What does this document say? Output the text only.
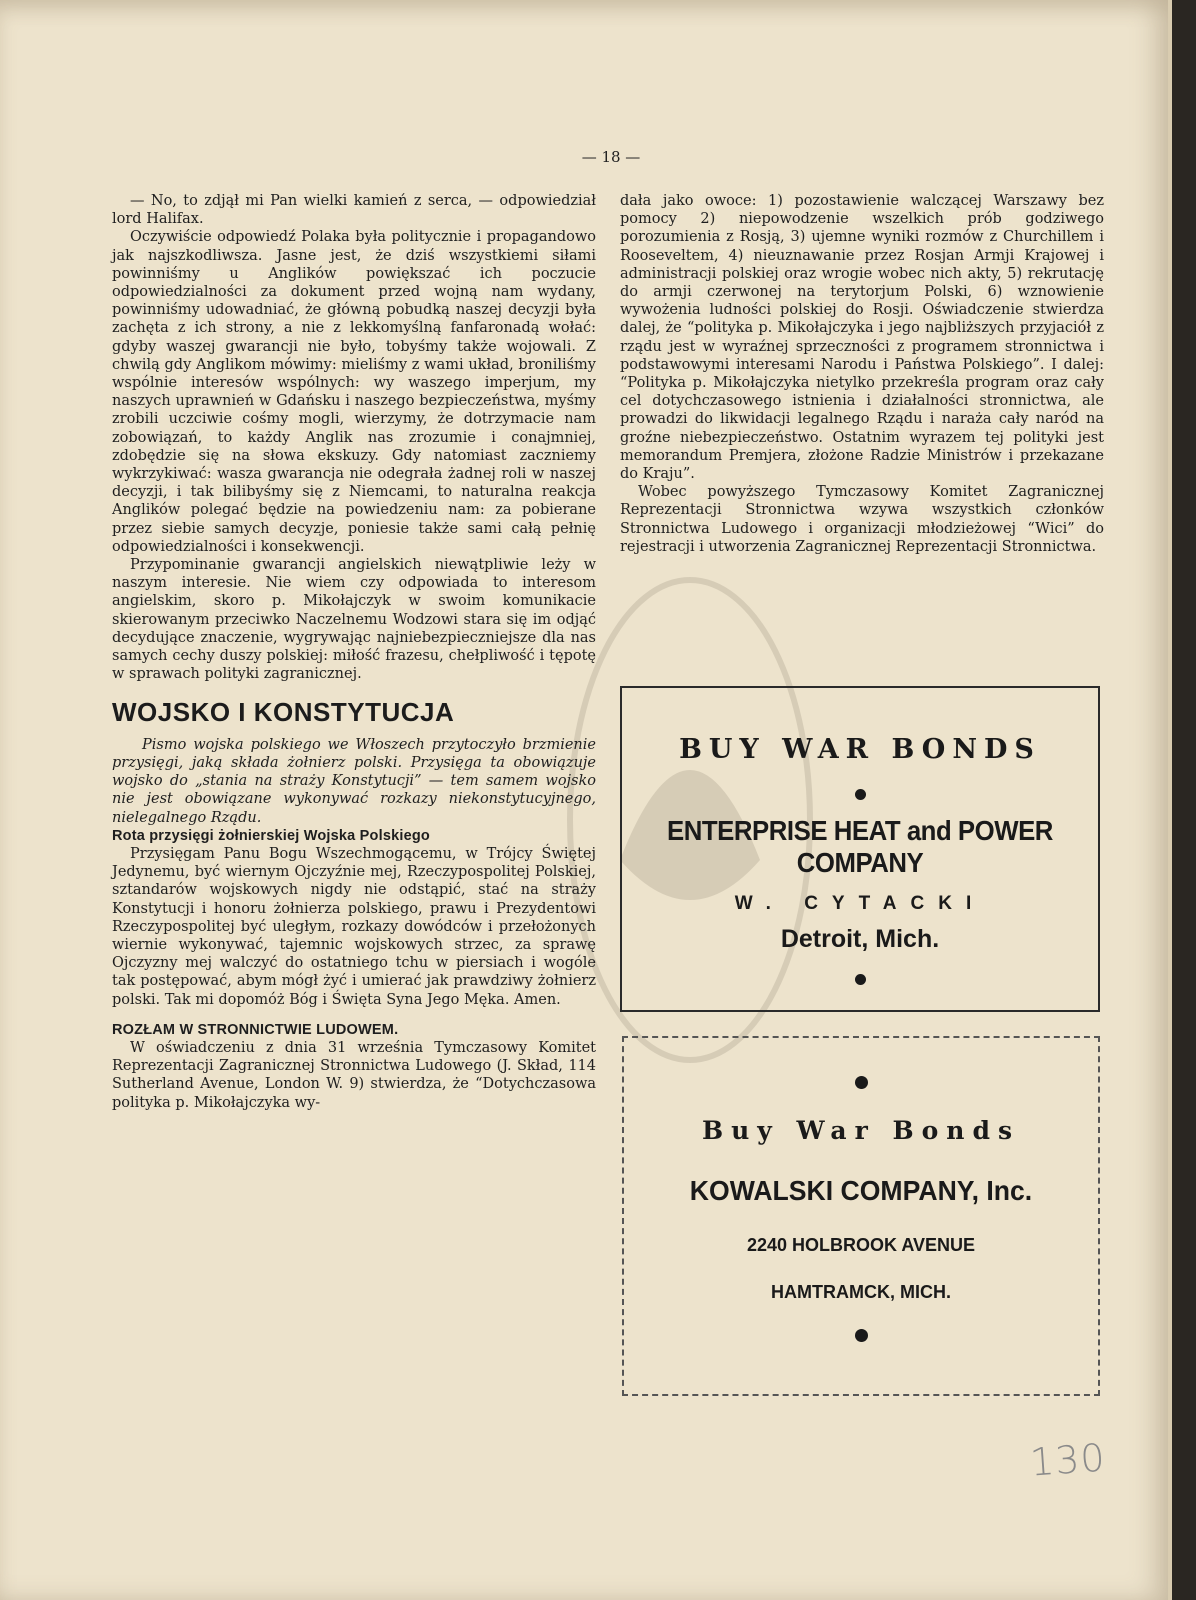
— 18 —

— No, to zdjął mi Pan wielki kamień z serca, — odpowiedział lord Halifax.

Oczywiście odpowiedź Polaka była politycznie i propagandowo jak najszkodliwsza. Jasne jest, że dziś wszystkiemi siłami powinniśmy u Anglików powiększać ich poczucie odpowiedzialności za dokument przed wojną nam wydany, powinniśmy udowadniać, że główną pobudką naszej decyzji była zachęta z ich strony, a nie z lekkomyślną fanfaronadą wołać: gdyby waszej gwarancji nie było, tobyśmy także wojowali. Z chwilą gdy Anglikom mówimy: mieliśmy z wami układ, broniliśmy wspólnie interesów wspólnych: wy waszego imperjum, my naszych uprawnień w Gdańsku i naszego bezpieczeństwa, myśmy zrobili uczciwie cośmy mogli, wierzymy, że dotrzymacie nam zobowiązań, to każdy Anglik nas zrozumie i conajmniej, zdobędzie się na słowa ekskuzy. Gdy natomiast zaczniemy wykrzykiwać: wasza gwarancja nie odegrała żadnej roli w naszej decyzji, i tak bilibyśmy się z Niemcami, to naturalna reakcja Anglików polegać będzie na powiedzeniu nam: za pobierane przez siebie samych decyzje, poniesie także sami całą pełnię odpowiedzialności i konsekwencji.

Przypominanie gwarancji angielskich niewątpliwie leży w naszym interesie. Nie wiem czy odpowiada to interesom angielskim, skoro p. Mikołajczyk w swoim komunikacie skierowanym przeciwko Naczelnemu Wodzowi stara się im odjąć decydujące znaczenie, wygrywając najniebezpieczniejsze dla nas samych cechy duszy polskiej: miłość frazesu, chełpliwość i tępotę w sprawach polityki zagranicznej.

WOJSKO I KONSTYTUCJA

Pismo wojska polskiego we Włoszech przytoczyło brzmienie przysięgi, jaką składa żołnierz polski. Przysięga ta obowiązuje wojsko do „stania na straży Konstytucji” — tem samem wojsko nie jest obowiązane wykonywać rozkazy niekonstytucyjnego, nielegalnego Rządu.

Rota przysięgi żołnierskiej Wojska Polskiego

Przysięgam Panu Bogu Wszechmogącemu, w Trójcy Świętej Jedynemu, być wiernym Ojczyźnie mej, Rzeczypospolitej Polskiej, sztandarów wojskowych nigdy nie odstąpić, stać na straży Konstytucji i honoru żołnierza polskiego, prawu i Prezydentowi Rzeczypospolitej być uległym, rozkazy dowódców i przełożonych wiernie wykonywać, tajemnic wojskowych strzec, za sprawę Ojczyzny mej walczyć do ostatniego tchu w piersiach i wogóle tak postępować, abym mógł żyć i umierać jak prawdziwy żołnierz polski. Tak mi dopomóż Bóg i Święta Syna Jego Męka. Amen.

ROZŁAM W STRONNICTWIE LUDOWEM.

W oświadczeniu z dnia 31 września Tymczasowy Komitet Reprezentacji Zagranicznej Stronnictwa Ludowego (J. Skład, 114 Sutherland Avenue, London W. 9) stwierdza, że “Dotychczasowa polityka p. Mikołajczyka wy-

dała jako owoce: 1) pozostawienie walczącej Warszawy bez pomocy 2) niepowodzenie wszelkich prób godziwego porozumienia z Rosją, 3) ujemne wyniki rozmów z Churchillem i Rooseveltem, 4) nieuznawanie przez Rosjan Armji Krajowej i administracji polskiej oraz wrogie wobec nich akty, 5) rekrutację do armji czerwonej na terytorjum Polski, 6) wznowienie wywożenia ludności polskiej do Rosji. Oświadczenie stwierdza dalej, że “polityka p. Mikołajczyka i jego najbliższych przyjaciół z rządu jest w wyraźnej sprzeczności z programem stronnictwa i podstawowymi interesami Narodu i Państwa Polskiego”. I dalej: “Polityka p. Mikołajczyka nietylko przekreśla program oraz cały cel dotychczasowego istnienia i działalności stronnictwa, ale prowadzi do likwidacji legalnego Rządu i naraża cały naród na groźne niebezpieczeństwo. Ostatnim wyrazem tej polityki jest memorandum Premjera, złożone Radzie Ministrów i przekazane do Kraju”.

Wobec powyższego Tymczasowy Komitet Zagranicznej Reprezentacji Stronnictwa wzywa wszystkich członków Stronnictwa Ludowego i organizacji młodzieżowej “Wici” do rejestracji i utworzenia Zagranicznej Reprezentacji Stronnictwa.

BUY WAR BONDS
ENTERPRISE HEAT and POWER COMPANY
W. CYTACKI
Detroit, Mich.
Buy War Bonds
KOWALSKI COMPANY, Inc.
2240 HOLBROOK AVENUE
HAMTRAMCK, MICH.
130
